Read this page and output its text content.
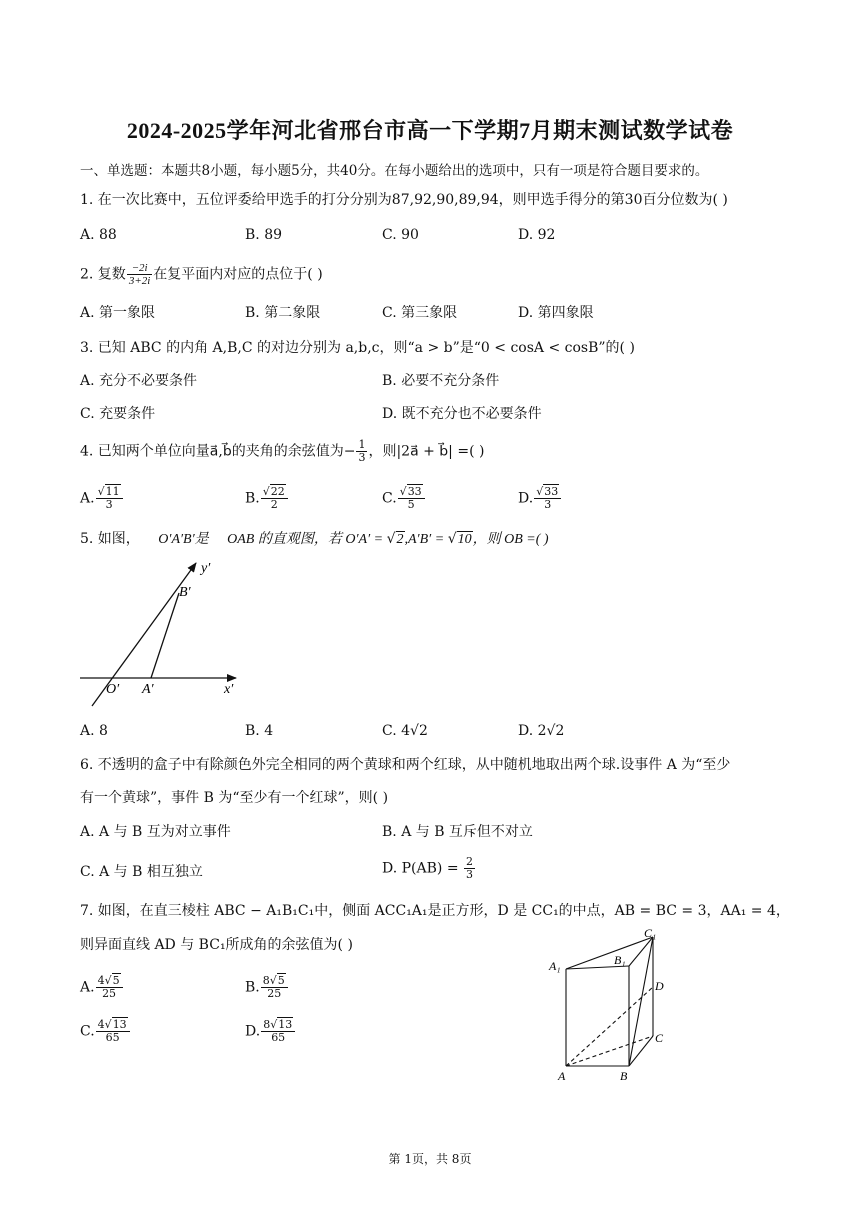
2024-2025学年河北省邢台市高一下学期7月期末测试数学试卷
一、单选题：本题共8小题，每小题5分，共40分。在每小题给出的选项中，只有一项是符合题目要求的。
1. 在一次比赛中，五位评委给甲选手的打分分别为87,92,90,89,94，则甲选手得分的第30百分位数为( )
A. 88	B. 89	C. 90	D. 92
2. 复数 $\frac{-2i}{3+2i}$ 在复平面内对应的点位于( )
A. 第一象限	B. 第二象限	C. 第三象限	D. 第四象限
3. 已知 ABC 的内角 A,B,C 的对边分别为 a,b,c，则“a > b”是“0 < cosA < cosB”的( )
A. 充分不必要条件	B. 必要不充分条件
C. 充要条件	D. 既不充分也不必要条件
4. 已知两个单位向量a⃗,b⃗的夹角的余弦值为− $\frac{1}{3}$ ，则|2a⃗ + b⃗| =( )
A. $\frac{√11}{3}$	B. $\frac{√22}{2}$	C. $\frac{√33}{5}$	D. $\frac{√33}{3}$
5. 如图， O′A′B′是 OAB 的直观图，若 O′A′ = √2,A′B′ = √10，则 OB =( )
y′
B′
O′ A′	x′
A. 8	B. 4	C. 4√2	D. 2√2
6. 不透明的盒子中有除颜色外完全相同的两个黄球和两个红球，从中随机地取出两个球.设事件 A 为“至少
有一个黄球”，事件 B 为“至少有一个红球”，则( )
A. A 与 B 互为对立事件	B. A 与 B 互斥但不对立
C. A 与 B 相互独立	D. $P(AB) = \frac{2}{3}$
7. 如图，在直三棱柱 ABC − A₁B₁C₁中，侧面 ACC₁A₁是正方形，D 是 CC₁的中点，AB = BC = 3，AA₁ = 4，
则异面直线 AD 与 BC₁所成角的余弦值为( )
A. $\frac{4√5}{25}$	B. $\frac{8√5}{25}$
C. $\frac{4√13}{65}$	D. $\frac{8√13}{65}$
C₁
A₁	B₁
D
C
A	B
第 1页，共 8页
